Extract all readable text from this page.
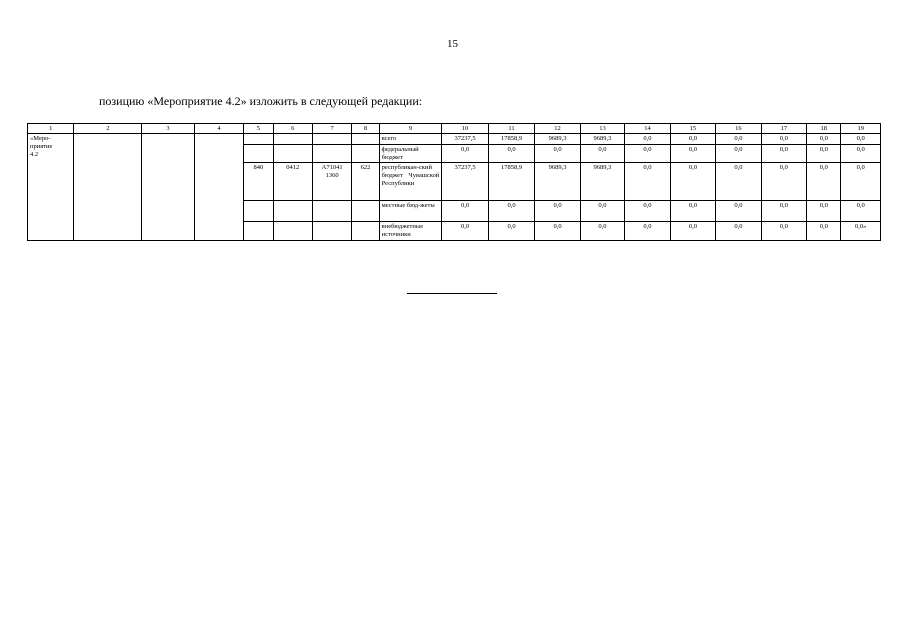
15
позицию «Мероприятие 4.2» изложить в следующей редакции:
1	2	3	4	5	6	7	8	9	10	11	12	13	14	15	16	17	18	19
«Меро-
приятие
4.2								всего	37237,5	17858,9	9689,3	9689,3	0,0	0,0	0,0	0,0	0,0	0,0
								федеральный бюджет	0,0	0,0	0,0	0,0	0,0	0,0	0,0	0,0	0,0	0,0
				840	0412	А71041 1360	622	республикан-ский бюджет Чувашской Республики	37237,5	17858,9	9689,3	9689,3	0,0	0,0	0,0	0,0	0,0	0,0
								местные бюд-жеты	0,0	0,0	0,0	0,0	0,0	0,0	0,0	0,0	0,0	0,0
								внебюджетные источники	0,0	0,0	0,0	0,0	0,0	0,0	0,0	0,0	0,0	0,0»
